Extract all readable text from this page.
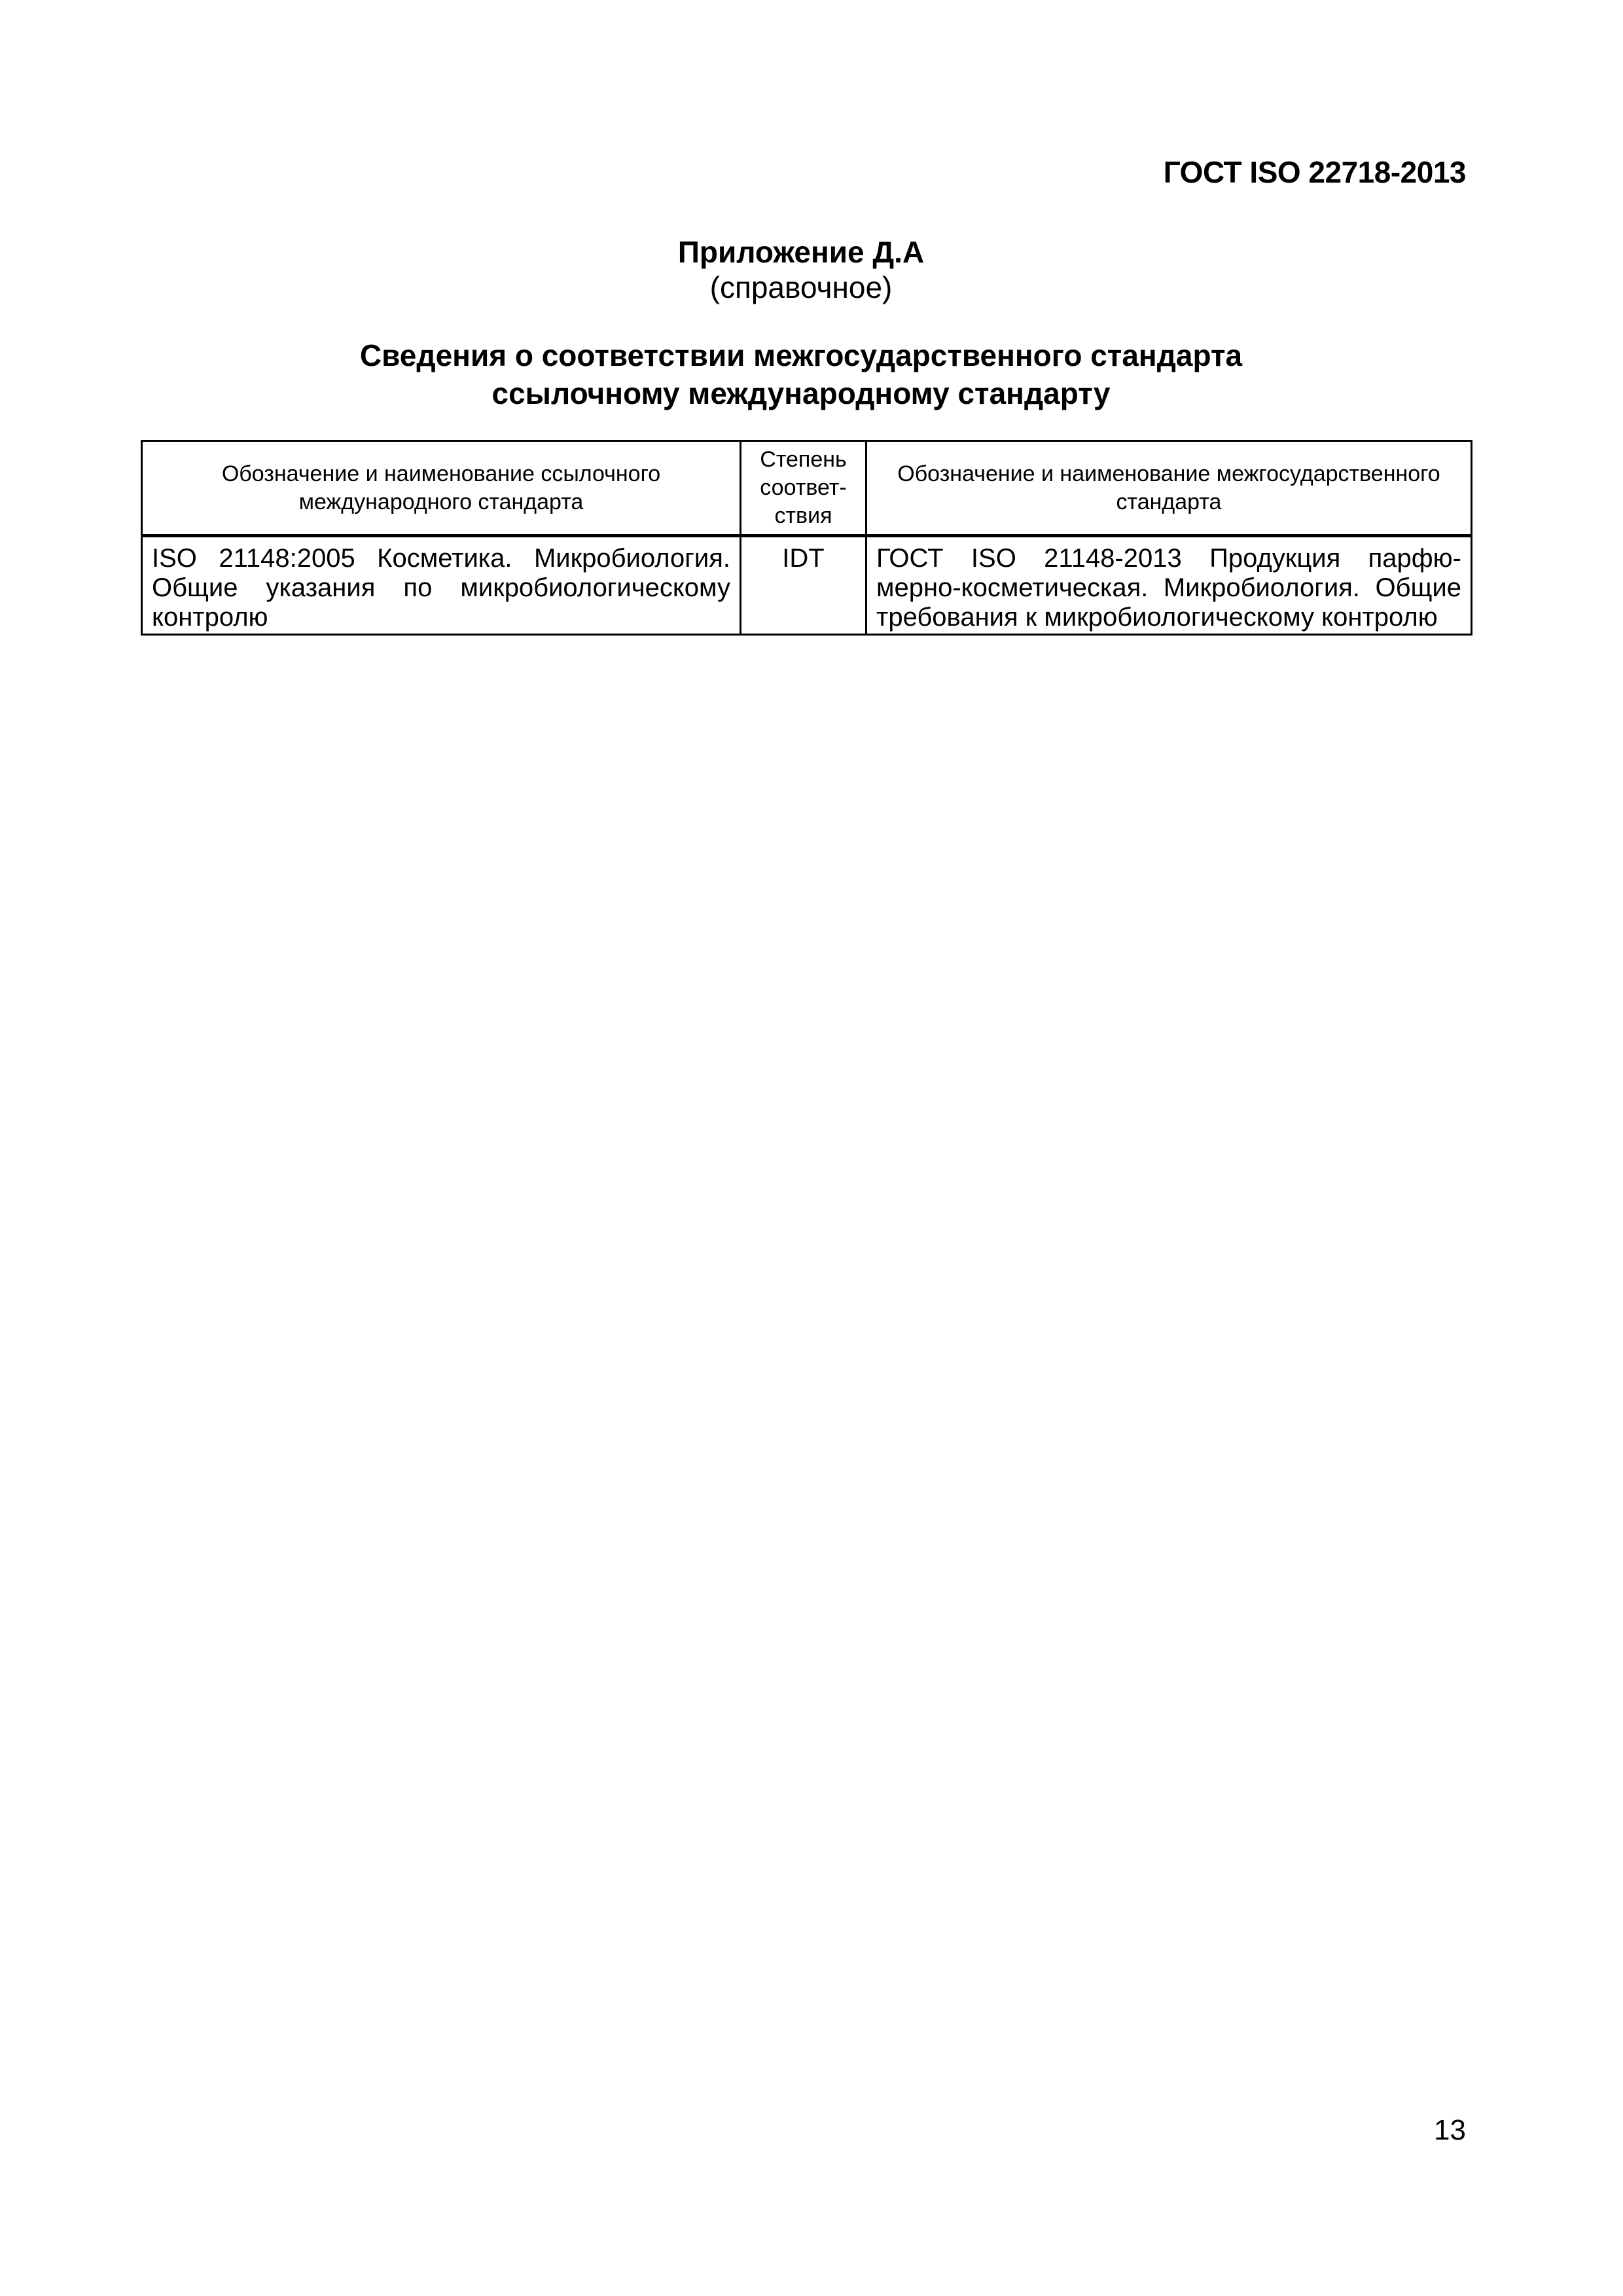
ГОСТ ISO 22718-2013
Приложение Д.А
(справочное)
Сведения о соответствии межгосударственного стандарта
ссылочному международному стандарту
Обозначение и наименование ссылочного международного стандарта	Степень соответ-ствия	Обозначение и наименование межгосударственного стандарта
ISO 21148:2005 Косметика. Микробиология. Общие указания по микробиологическому контролю	IDT	ГОСТ ISO 21148-2013 Продукция парфю-мерно-косметическая. Микробиология. Общие требования к микробиологическому контролю
13
